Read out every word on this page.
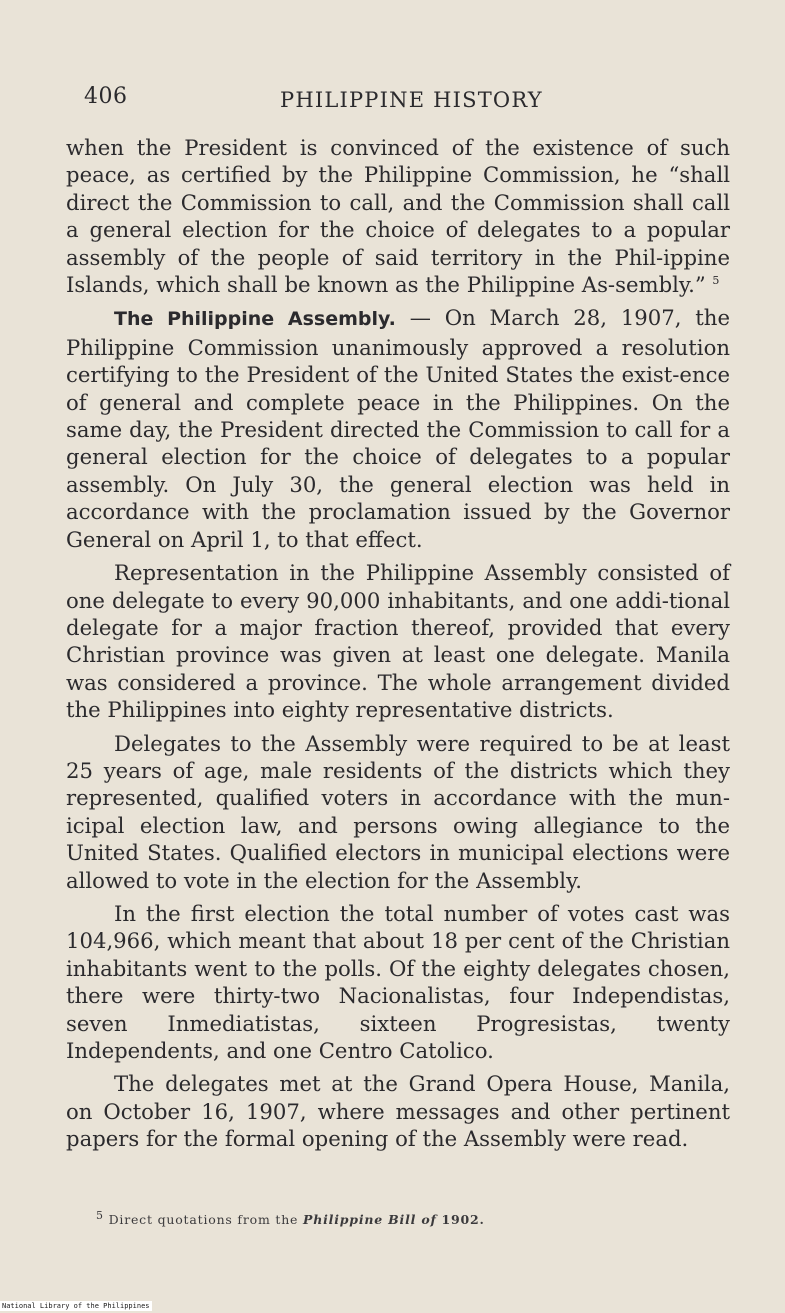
406	PHILIPPINE HISTORY

when the President is convinced of the existence of such peace, as certified by the Philippine Commission, he “shall direct the Commission to call, and the Commission shall call a general election for the choice of delegates to a popular assembly of the people of said territory in the Phil-ippine Islands, which shall be known as the Philippine As-sembly.” $^5$

The Philippine Assembly. — On March 28, 1907, the Philippine Commission unanimously approved a resolution certifying to the President of the United States the exist-ence of general and complete peace in the Philippines. On the same day, the President directed the Commission to call for a general election for the choice of delegates to a popular assembly. On July 30, the general election was held in accordance with the proclamation issued by the Governor General on April 1, to that effect.

Representation in the Philippine Assembly consisted of one delegate to every 90,000 inhabitants, and one addi-tional delegate for a major fraction thereof, provided that every Christian province was given at least one delegate. Manila was considered a province. The whole arrangement divided the Philippines into eighty representative districts.

Delegates to the Assembly were required to be at least 25 years of age, male residents of the districts which they represented, qualified voters in accordance with the mun-icipal election law, and persons owing allegiance to the United States. Qualified electors in municipal elections were allowed to vote in the election for the Assembly.

In the first election the total number of votes cast was 104,966, which meant that about 18 per cent of the Christian inhabitants went to the polls. Of the eighty delegates chosen, there were thirty-two Nacionalistas, four Independistas, seven Inmediatistas, sixteen Progresistas, twenty Independents, and one Centro Catolico.

The delegates met at the Grand Opera House, Manila, on October 16, 1907, where messages and other pertinent papers for the formal opening of the Assembly were read.

5 Direct quotations from the Philippine Bill of 1902.
National Library of the Philippines
